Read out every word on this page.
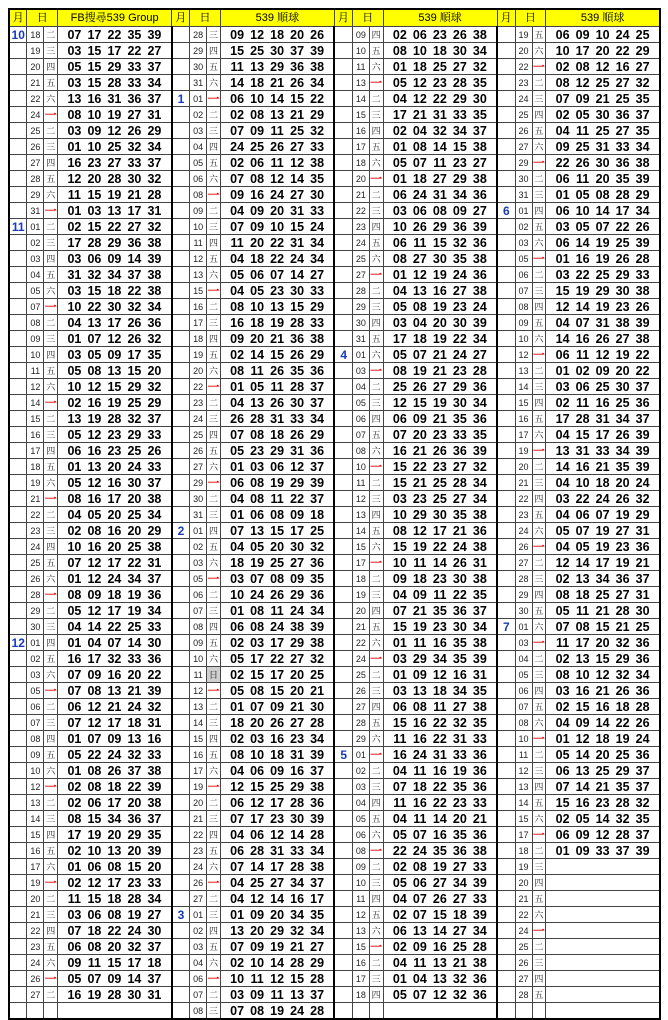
月	日		FB搜尋539 Group	月	日		539 順球	月	日		539 順球	月	日		539 順球
10	18	二	07 17 22 35 39		28	三	09 12 18 20 26		09	四	02 06 23 26 38		19	五	06 09 10 24 25
	19	三	03 15 17 22 27		29	四	15 25 30 37 39		10	五	08 10 18 30 34		20	六	10 17 20 22 29
	20	四	05 15 29 33 37		30	五	11 13 29 36 38		11	六	01 18 25 27 32		22	一	02 08 12 16 27
	21	五	03 15 28 33 34		31	六	14 18 21 26 34		13	一	05 12 23 28 35		23	二	08 12 25 27 32
	22	六	13 16 31 36 37	1	01	一	06 10 14 15 22		14	二	04 12 22 29 30		24	三	07 09 21 25 35
	24	一	08 10 19 27 31		02	二	02 08 13 21 29		15	三	17 21 31 33 35		25	四	02 05 30 36 37
	25	二	03 09 12 26 29		03	三	07 09 11 25 32		16	四	02 04 32 34 37		26	五	04 11 25 27 35
	26	三	01 10 25 32 34		04	四	24 25 26 27 33		17	五	01 08 14 15 38		27	六	09 25 31 33 34
	27	四	16 23 27 33 37		05	五	02 06 11 12 38		18	六	05 07 11 23 27		29	一	22 26 30 36 38
	28	五	12 20 28 30 32		06	六	07 08 12 14 35		20	一	01 18 27 29 38		30	二	06 11 20 35 39
	29	六	11 15 19 21 28		08	一	09 16 24 27 30		21	二	06 24 31 34 36		31	三	01 05 08 28 29
	31	一	01 03 13 17 31		09	二	04 09 20 31 33		22	三	03 06 08 09 27	6	01	四	06 10 14 17 34
11	01	二	02 15 22 27 32		10	三	07 09 10 15 24		23	四	10 26 29 36 39		02	五	03 05 07 22 26
	02	三	17 28 29 36 38		11	四	11 20 22 31 34		24	五	06 11 15 32 36		03	六	06 14 19 25 39
	03	四	03 06 09 14 39		12	五	04 18 22 24 34		25	六	08 27 30 35 38		05	一	01 16 19 26 28
	04	五	31 32 34 37 38		13	六	05 06 07 14 27		27	一	01 12 19 24 36		06	二	03 22 25 29 33
	05	六	03 15 18 22 38		15	一	04 05 23 30 33		28	二	04 13 16 27 38		07	三	15 19 29 30 38
	07	一	10 22 30 32 34		16	二	08 10 13 15 29		29	三	05 08 19 23 24		08	四	12 14 19 23 26
	08	二	04 13 17 26 36		17	三	16 18 19 28 33		30	四	03 04 20 30 39		09	五	04 07 31 38 39
	09	三	01 07 12 26 32		18	四	09 20 21 36 38		31	五	17 18 19 22 34		10	六	14 16 26 27 38
	10	四	03 05 09 17 35		19	五	02 14 15 26 29	4	01	六	05 07 21 24 27		12	一	06 11 12 19 22
	11	五	05 08 13 15 20		20	六	08 11 26 35 36		03	一	08 19 21 23 28		13	二	01 02 09 20 22
	12	六	10 12 15 29 32		22	一	01 05 11 28 37		04	二	25 26 27 29 36		14	三	03 06 25 30 37
	14	一	02 16 19 25 29		23	二	04 13 26 30 37		05	三	12 15 19 30 34		15	四	02 11 16 25 36
	15	二	13 19 28 32 37		24	三	26 28 31 33 34		06	四	06 09 21 35 36		16	五	17 28 31 34 37
	16	三	05 12 23 29 33		25	四	07 08 18 26 29		07	五	07 20 23 33 35		17	六	04 15 17 26 39
	17	四	06 16 23 25 26		26	五	05 23 29 31 36		08	六	16 21 26 36 39		19	一	13 31 33 34 39
	18	五	01 13 20 24 33		27	六	01 03 06 12 37		10	一	15 22 23 27 32		20	二	14 16 21 35 39
	19	六	05 12 16 30 37		29	一	06 08 19 29 39		11	二	15 21 25 28 34		21	三	04 10 18 20 24
	21	一	08 16 17 20 38		30	二	04 08 11 22 37		12	三	03 23 25 27 34		22	四	03 22 24 26 32
	22	二	04 05 20 25 34		31	三	01 06 08 09 18		13	四	10 29 30 35 38		23	五	04 06 07 19 29
	23	三	02 08 16 20 29	2	01	四	07 13 15 17 25		14	五	08 12 17 21 36		24	六	05 07 19 27 31
	24	四	10 16 20 25 38		02	五	04 05 20 30 32		15	六	15 19 22 24 38		26	一	04 05 19 23 36
	25	五	07 12 17 22 31		03	六	18 19 25 27 36		17	一	10 11 14 26 31		27	二	12 14 17 19 21
	26	六	01 12 24 34 37		05	一	03 07 08 09 35		18	二	09 18 23 30 38		28	三	02 13 34 36 37
	28	一	08 09 18 19 36		06	二	10 24 26 29 36		19	三	04 09 11 22 35		29	四	08 18 25 27 31
	29	二	05 12 17 19 34		07	三	01 08 11 24 34		20	四	07 21 35 36 37		30	五	05 11 21 28 30
	30	三	04 14 22 25 33		08	四	06 08 24 38 39		21	五	15 19 23 30 34	7	01	六	07 08 15 21 25
12	01	四	01 04 07 14 30		09	五	02 03 17 29 38		22	六	01 11 16 35 38		03	一	11 17 20 32 36
	02	五	16 17 32 33 36		10	六	05 17 22 27 32		24	一	03 29 34 35 39		04	二	02 13 15 29 36
	03	六	07 09 16 20 22		11	日	02 15 17 20 25		25	二	01 09 12 16 31		05	三	08 10 12 32 34
	05	一	07 08 13 21 39		12	一	05 08 15 20 21		26	三	03 13 18 34 35		06	四	03 16 21 26 36
	06	二	06 12 21 24 32		13	二	01 07 09 21 30		27	四	06 08 11 27 38		07	五	02 15 16 18 28
	07	三	07 12 17 18 31		14	三	18 20 26 27 28		28	五	15 16 22 32 35		08	六	04 09 14 22 26
	08	四	01 07 09 13 16		15	四	02 03 16 23 34		29	六	11 16 22 31 33		10	一	01 12 18 19 24
	09	五	05 22 24 32 33		16	五	08 10 18 31 39	5	01	一	16 24 31 33 36		11	二	05 14 20 25 36
	10	六	01 08 26 37 38		17	六	04 06 09 16 37		02	二	04 11 16 19 36		12	三	06 13 25 29 37
	12	一	02 08 18 22 39		19	一	12 15 25 29 38		03	三	07 18 22 35 36		13	四	07 14 21 35 37
	13	二	02 06 17 20 38		20	二	06 12 17 28 36		04	四	11 16 22 23 33		14	五	15 16 23 28 32
	14	三	08 15 34 36 37		21	三	07 17 23 30 39		05	五	04 11 14 20 21		15	六	02 05 14 32 35
	15	四	17 19 20 29 35		22	四	04 06 12 14 28		06	六	05 07 16 35 36		17	一	06 09 12 28 37
	16	五	02 10 13 20 39		23	五	06 28 31 33 34		08	一	22 24 35 36 38		18	二	01 09 33 37 39
	17	六	01 06 08 15 20		24	六	07 14 17 28 38		09	二	02 08 19 27 33		19	三	
	19	一	02 12 17 23 33		26	一	04 25 27 34 37		10	三	05 06 27 34 39		20	四	
	20	二	11 15 18 28 34		27	二	04 12 14 16 17		11	四	04 07 26 27 33		21	五	
	21	三	03 06 08 19 27	3	01	三	01 09 20 34 35		12	五	02 07 15 18 39		22	六	
	22	四	07 18 22 24 30		02	四	13 20 29 32 34		13	六	06 13 14 27 34		24	一	
	23	五	06 08 20 32 37		03	五	07 09 19 21 27		15	一	02 09 16 25 28		25	二	
	24	六	09 11 15 17 18		04	六	02 10 14 28 29		16	二	04 11 13 21 38		26	三	
	26	一	05 07 09 14 37		06	一	10 11 12 15 28		17	三	01 04 13 32 36		27	四	
	27	二	16 19 28 30 31		07	二	03 09 11 13 37		18	四	05 07 12 32 36		28	五	
					08	三	07 08 19 24 28								
